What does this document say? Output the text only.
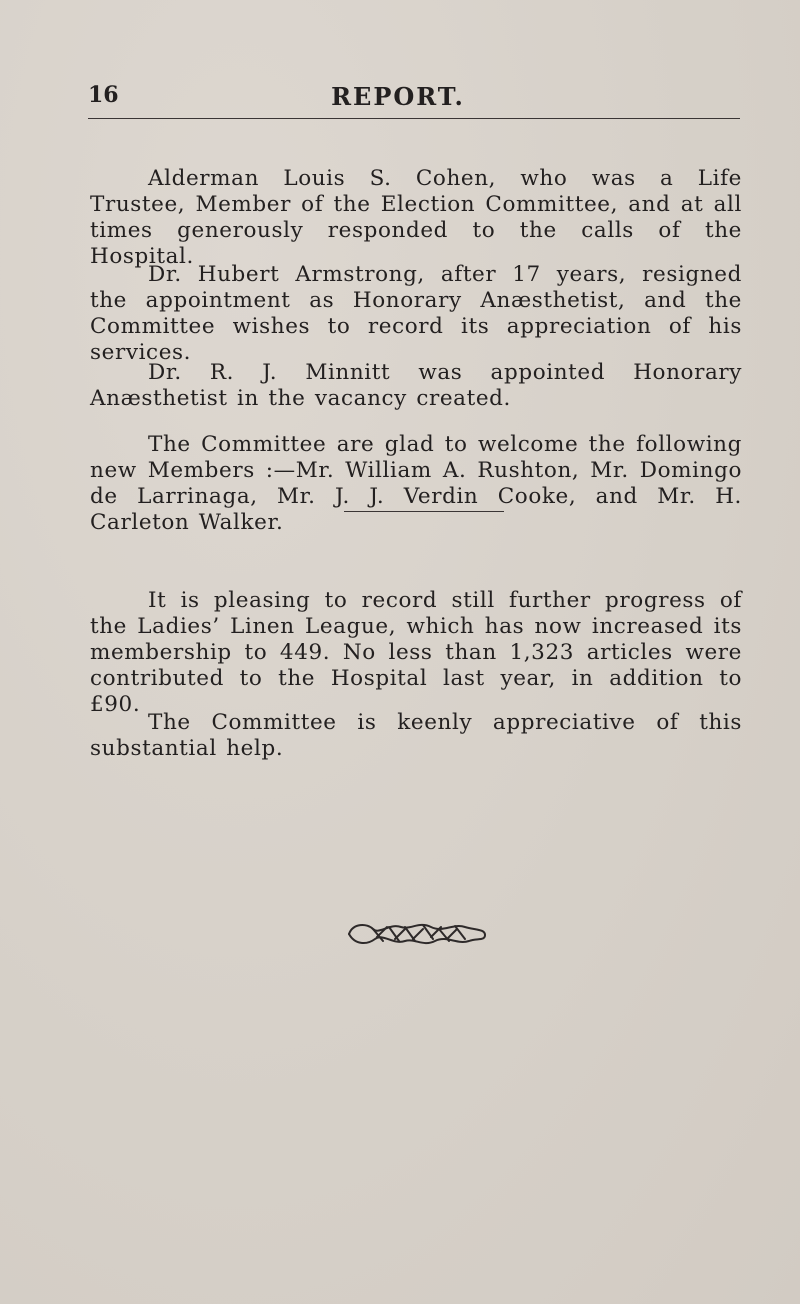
16	REPORT.

Alderman Louis S. Cohen, who was a Life Trustee, Member of the Election Committee, and at all times generously responded to the calls of the Hospital.

Dr. Hubert Armstrong, after 17 years, resigned the appointment as Honorary Anæsthetist, and the Committee wishes to record its appreciation of his services.

Dr. R. J. Minnitt was appointed Honorary Anæsthetist in the vacancy created.

The Committee are glad to welcome the following new Members :—Mr. William A. Rushton, Mr. Domingo de Larrinaga, Mr. J. J. Verdin Cooke, and Mr. H. Carleton Walker.

It is pleasing to record still further progress of the Ladies’ Linen League, which has now increased its membership to 449. No less than 1,323 articles were contributed to the Hospital last year, in addition to £90.

The Committee is keenly appreciative of this substantial help.
